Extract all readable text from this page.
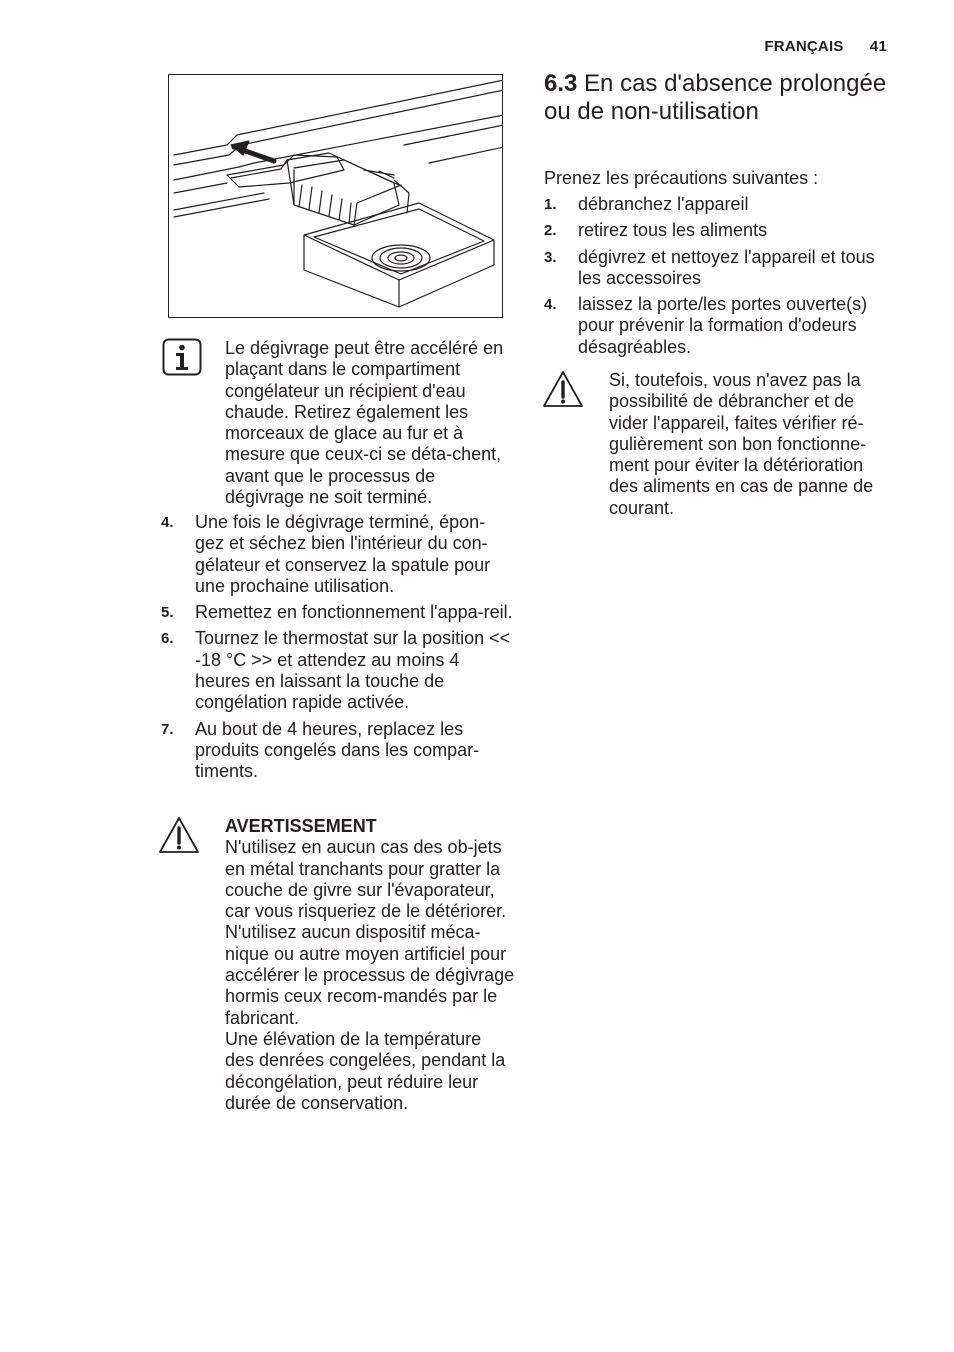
FRANÇAIS 41
Le dégivrage peut être accéléré en plaçant dans le compartiment congélateur un récipient d'eau chaude. Retirez également les morceaux de glace au fur et à mesure que ceux-ci se déta-chent, avant que le processus de dégivrage ne soit terminé.
4. Une fois le dégivrage terminé, épon-gez et séchez bien l'intérieur du con-gélateur et conservez la spatule pour une prochaine utilisation.
5. Remettez en fonctionnement l'appa-reil.
6. Tournez le thermostat sur la position << -18 °C >> et attendez au moins 4 heures en laissant la touche de congélation rapide activée.
7. Au bout de 4 heures, replacez les produits congelés dans les compar-timents.
AVERTISSEMENT
N'utilisez en aucun cas des ob-jets en métal tranchants pour gratter la couche de givre sur l'évaporateur, car vous risqueriez de le détériorer.
N'utilisez aucun dispositif méca-nique ou autre moyen artificiel pour accélérer le processus de dégivrage hormis ceux recom-mandés par le fabricant.
Une élévation de la température des denrées congelées, pendant la décongélation, peut réduire leur durée de conservation.
6.3 En cas d'absence prolongée ou de non-utilisation
Prenez les précautions suivantes :
1. débranchez l'appareil
2. retirez tous les aliments
3. dégivrez et nettoyez l'appareil et tous les accessoires
4. laissez la porte/les portes ouverte(s) pour prévenir la formation d'odeurs désagréables.
Si, toutefois, vous n'avez pas la possibilité de débrancher et de vider l'appareil, faites vérifier ré-gulièrement son bon fonctionne-ment pour éviter la détérioration des aliments en cas de panne de courant.
